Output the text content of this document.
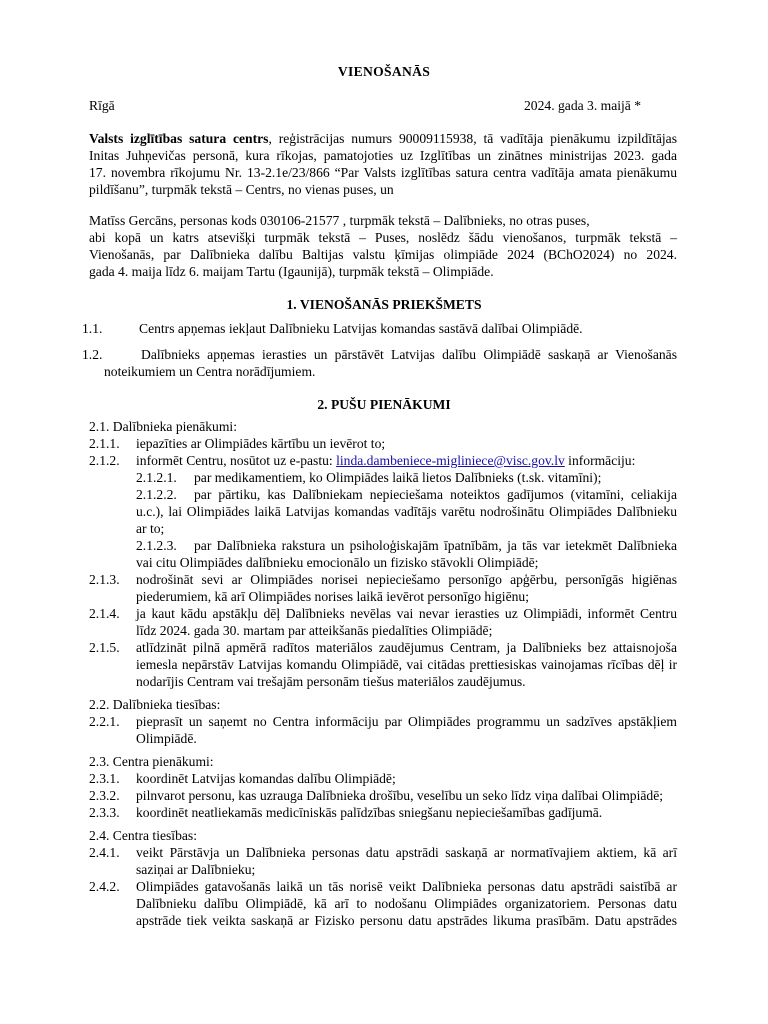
VIENOŠANĀS
Rīgā	2024. gada 3. maijā *
Valsts izglītības satura centrs, reģistrācijas numurs 90009115938, tā vadītāja pienākumu izpildītājas
Initas Juhņevičas personā, kura rīkojas, pamatojoties uz Izglītības un zinātnes ministrijas 2023. gada
17. novembra rīkojumu Nr. 13-2.1e/23/866 “Par Valsts izglītības satura centra vadītāja amata pienākumu
pildīšanu”, turpmāk tekstā – Centrs, no vienas puses, un
Matīss Gercāns, personas kods 030106-21577 , turpmāk tekstā – Dalībnieks, no otras puses,
abi kopā un katrs atsevišķi turpmāk tekstā – Puses, noslēdz šādu vienošanos, turpmāk tekstā –
Vienošanās, par Dalībnieka dalību Baltijas valstu ķīmijas olimpiāde 2024 (BChO2024) no 2024.
gada 4. maija līdz 6. maijam Tartu (Igaunijā), turpmāk tekstā – Olimpiāde.
1. VIENOŠANĀS PRIEKŠMETS
1.1.	Centrs apņemas iekļaut Dalībnieku Latvijas komandas sastāvā dalībai Olimpiādē.
1.2.	Dalībnieks apņemas ierasties un pārstāvēt Latvijas dalību Olimpiādē saskaņā ar Vienošanās
noteikumiem un Centra norādījumiem.
2. PUŠU PIENĀKUMI
2.1. Dalībnieka pienākumi:
2.1.1. iepazīties ar Olimpiādes kārtību un ievērot to;
2.1.2. informēt Centru, nosūtot uz e-pastu: linda.dambeniece-migliniece@visc.gov.lv informāciju:
2.1.2.1. par medikamentiem, ko Olimpiādes laikā lietos Dalībnieks (t.sk. vitamīni);
2.1.2.2. par pārtiku, kas Dalībniekam nepieciešama noteiktos gadījumos (vitamīni, celiakija
u.c.), lai Olimpiādes laikā Latvijas komandas vadītājs varētu nodrošinātu Olimpiādes Dalībnieku
ar to;
2.1.2.3. par Dalībnieka rakstura un psiholoģiskajām īpatnībām, ja tās var ietekmēt Dalībnieka
vai citu Olimpiādes dalībnieku emocionālo un fizisko stāvokli Olimpiādē;
2.1.3. nodrošināt sevi ar Olimpiādes norisei nepieciešamo personīgo apģērbu, personīgās higiēnas
piederumiem, kā arī Olimpiādes norises laikā ievērot personīgo higiēnu;
2.1.4. ja kaut kādu apstākļu dēļ Dalībnieks nevēlas vai nevar ierasties uz Olimpiādi, informēt Centru
līdz 2024. gada 30. martam par atteikšanās piedalīties Olimpiādē;
2.1.5. atlīdzināt pilnā apmērā radītos materiālos zaudējumus Centram, ja Dalībnieks bez attaisnojoša
iemesla nepārstāv Latvijas komandu Olimpiādē, vai citādas prettiesiskas vainojamas rīcības dēļ ir
nodarījis Centram vai trešajām personām tiešus materiālos zaudējumus.
2.2. Dalībnieka tiesības:
2.2.1. pieprasīt un saņemt no Centra informāciju par Olimpiādes programmu un sadzīves apstākļiem
Olimpiādē.
2.3. Centra pienākumi:
2.3.1. koordinēt Latvijas komandas dalību Olimpiādē;
2.3.2. pilnvarot personu, kas uzrauga Dalībnieka drošību, veselību un seko līdz viņa dalībai Olimpiādē;
2.3.3. koordinēt neatliekamās medicīniskās palīdzības sniegšanu nepieciešamības gadījumā.
2.4. Centra tiesības:
2.4.1. veikt Pārstāvja un Dalībnieka personas datu apstrādi saskaņā ar normatīvajiem aktiem, kā arī
saziņai ar Dalībnieku;
2.4.2. Olimpiādes gatavošanās laikā un tās norisē veikt Dalībnieka personas datu apstrādi saistībā ar
Dalībnieku dalību Olimpiādē, kā arī to nodošanu Olimpiādes organizatoriem. Personas datu
apstrāde tiek veikta saskaņā ar Fizisko personu datu apstrādes likuma prasībām. Datu apstrādes
